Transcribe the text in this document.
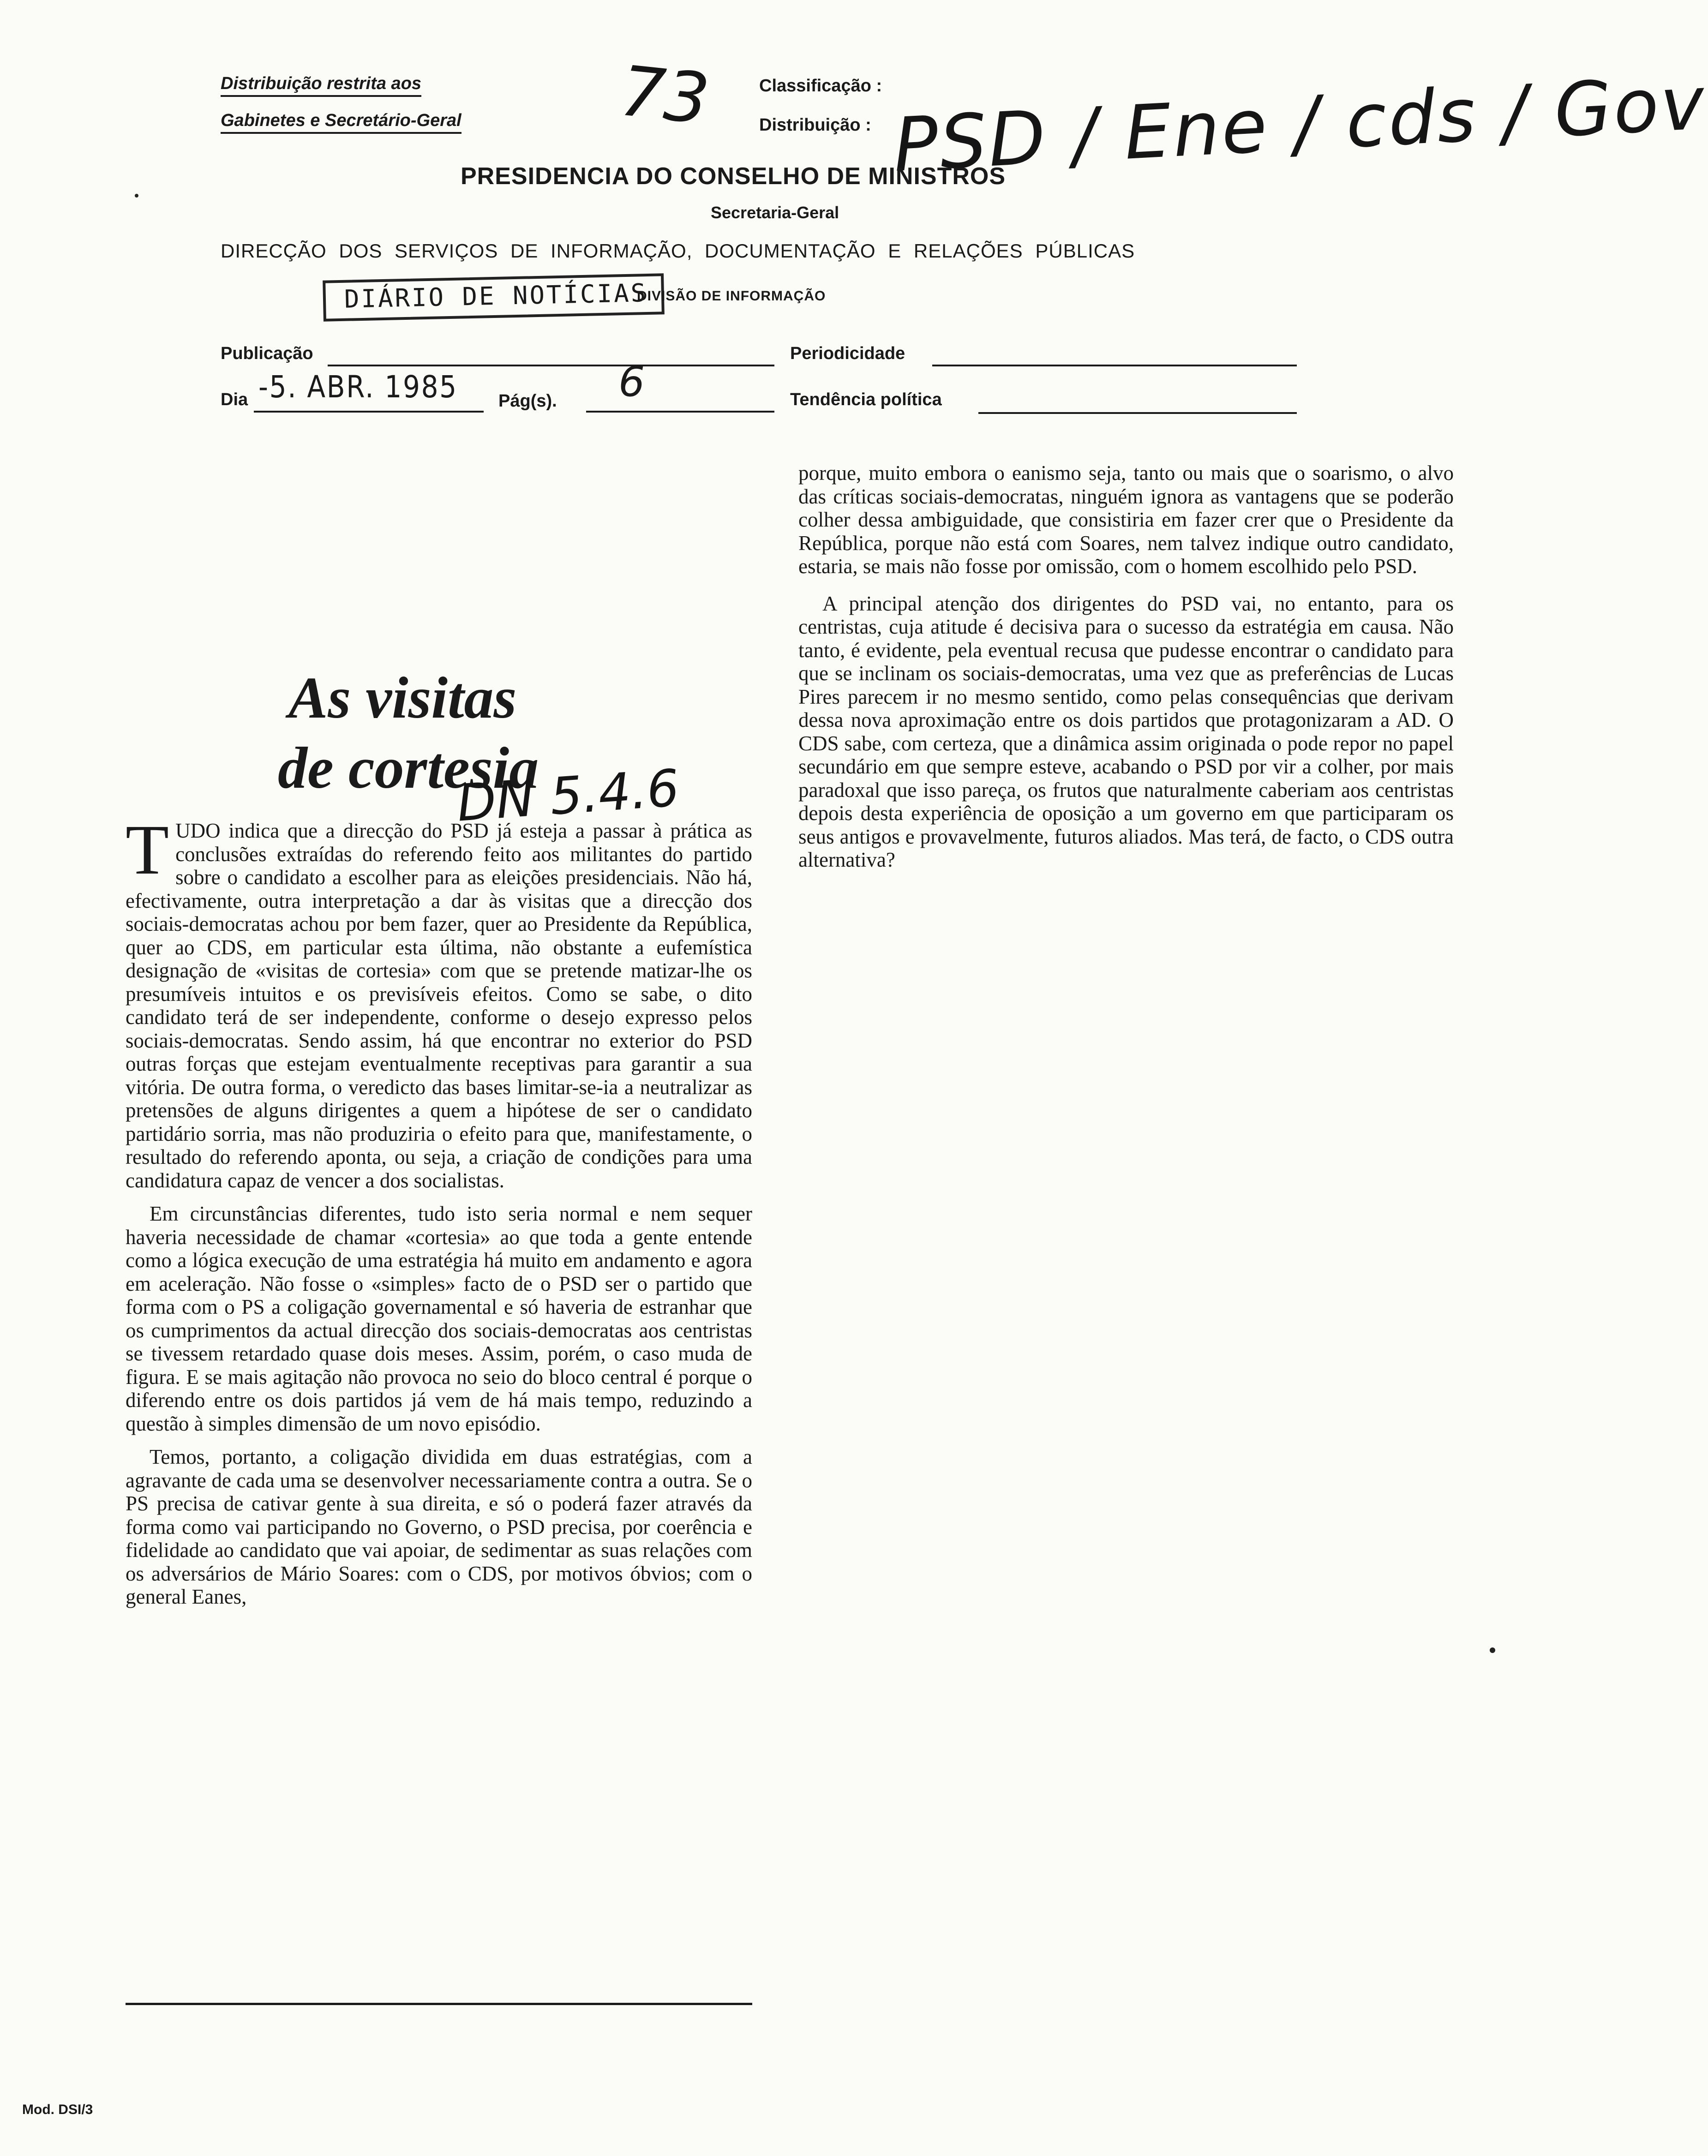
Distribuição restrita aos
Gabinetes e Secretário-Geral 73	Classificação :
Distribuição : PSD / Ene / cds / Gov
PRESIDENCIA DO CONSELHO DE MINISTROS
Secretaria-Geral
DIRECÇÃO DOS SERVIÇOS DE INFORMAÇÃO, DOCUMENTAÇÃO E RELAÇÕES PÚBLICAS
DIÁRIO DE NOTÍCIAS
DIVISÃO DE INFORMAÇÃO
Publicação	Periodicidade
Dia -5. ABR. 1985 Pág(s). 6	Tendência política
As visitas
de cortesia
DN 5.4.6

TUDO indica que a direcção do PSD já esteja a passar à prática as conclusões extraídas do referendo feito aos militantes do partido sobre o candidato a escolher para as eleições presidenciais. Não há, efectivamente, outra interpretação a dar às visitas que a direcção dos sociais-democratas achou por bem fazer, quer ao Presidente da República, quer ao CDS, em particular esta última, não obstante a eufemística designação de «visitas de cortesia» com que se pretende matizar-lhe os presumíveis intuitos e os previsíveis efeitos. Como se sabe, o dito candidato terá de ser independente, conforme o desejo expresso pelos sociais-democratas. Sendo assim, há que encontrar no exterior do PSD outras forças que estejam eventualmente receptivas para garantir a sua vitória. De outra forma, o veredicto das bases limitar-se-ia a neutralizar as pretensões de alguns dirigentes a quem a hipótese de ser o candidato partidário sorria, mas não produziria o efeito para que, manifestamente, o resultado do referendo aponta, ou seja, a criação de condições para uma candidatura capaz de vencer a dos socialistas.

Em circunstâncias diferentes, tudo isto seria normal e nem sequer haveria necessidade de chamar «cortesia» ao que toda a gente entende como a lógica execução de uma estratégia há muito em andamento e agora em aceleração. Não fosse o «simples» facto de o PSD ser o partido que forma com o PS a coligação governamental e só haveria de estranhar que os cumprimentos da actual direcção dos sociais-democratas aos centristas se tivessem retardado quase dois meses. Assim, porém, o caso muda de figura. E se mais agitação não provoca no seio do bloco central é porque o diferendo entre os dois partidos já vem de há mais tempo, reduzindo a questão à simples dimensão de um novo episódio.

Temos, portanto, a coligação dividida em duas estratégias, com a agravante de cada uma se desenvolver necessariamente contra a outra. Se o PS precisa de cativar gente à sua direita, e só o poderá fazer através da forma como vai participando no Governo, o PSD precisa, por coerência e fidelidade ao candidato que vai apoiar, de sedimentar as suas relações com os adversários de Mário Soares: com o CDS, por motivos óbvios; com o general Eanes,

porque, muito embora o eanismo seja, tanto ou mais que o soarismo, o alvo das críticas sociais-democratas, ninguém ignora as vantagens que se poderão colher dessa ambiguidade, que consistiria em fazer crer que o Presidente da República, porque não está com Soares, nem talvez indique outro candidato, estaria, se mais não fosse por omissão, com o homem escolhido pelo PSD.

A principal atenção dos dirigentes do PSD vai, no entanto, para os centristas, cuja atitude é decisiva para o sucesso da estratégia em causa. Não tanto, é evidente, pela eventual recusa que pudesse encontrar o candidato para que se inclinam os sociais-democratas, uma vez que as preferências de Lucas Pires parecem ir no mesmo sentido, como pelas consequências que derivam dessa nova aproximação entre os dois partidos que protagonizaram a AD. O CDS sabe, com certeza, que a dinâmica assim originada o pode repor no papel secundário em que sempre esteve, acabando o PSD por vir a colher, por mais paradoxal que isso pareça, os frutos que naturalmente caberiam aos centristas depois desta experiência de oposição a um governo em que participaram os seus antigos e provavelmente, futuros aliados. Mas terá, de facto, o CDS outra alternativa?

Mod. DSI/3
